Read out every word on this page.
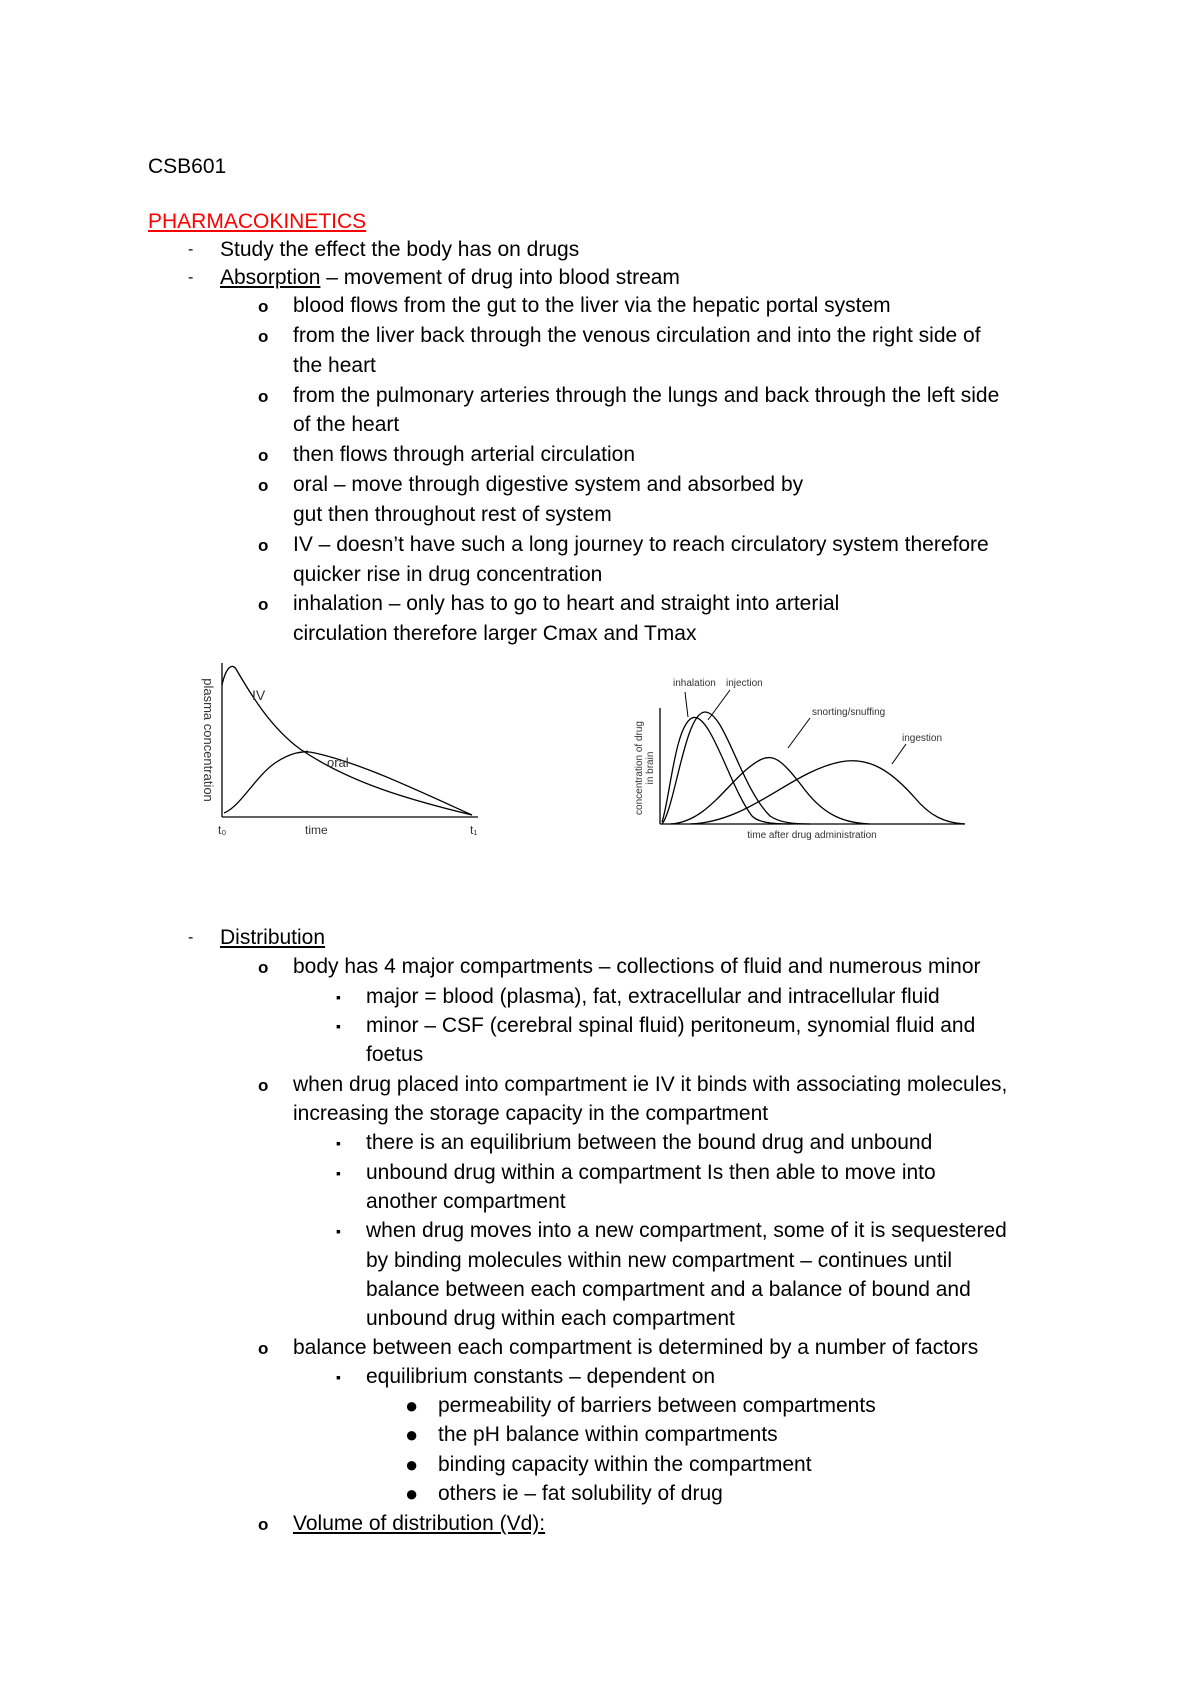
CSB601
PHARMACOKINETICS
- Study the effect the body has on drugs
- Absorption – movement of drug into blood stream
o blood flows from the gut to the liver via the hepatic portal system
o from the liver back through the venous circulation and into the right side of
the heart
o from the pulmonary arteries through the lungs and back through the left side
of the heart
o then flows through arterial circulation
o oral – move through digestive system and absorbed by
gut then throughout rest of system
o IV – doesn’t have such a long journey to reach circulatory system therefore
quicker rise in drug concentration
o inhalation – only has to go to heart and straight into arterial
circulation therefore larger Cmax and Tmax
plasma concentration	IV
oral
time
t₀	t₁
inhalation injection
snorting/snuffing
ingestion
concentration of drug in brain
time after drug administration
- Distribution
o body has 4 major compartments – collections of fluid and numerous minor
▪ major = blood (plasma), fat, extracellular and intracellular fluid
▪ minor – CSF (cerebral spinal fluid) peritoneum, synomial fluid and
foetus
o when drug placed into compartment ie IV it binds with associating molecules,
increasing the storage capacity in the compartment
▪ there is an equilibrium between the bound drug and unbound
▪ unbound drug within a compartment Is then able to move into
another compartment
▪ when drug moves into a new compartment, some of it is sequestered
by binding molecules within new compartment – continues until
balance between each compartment and a balance of bound and
unbound drug within each compartment
o balance between each compartment is determined by a number of factors
▪ equilibrium constants – dependent on
● permeability of barriers between compartments
● the pH balance within compartments
● binding capacity within the compartment
● others ie – fat solubility of drug
o Volume of distribution (Vd):
